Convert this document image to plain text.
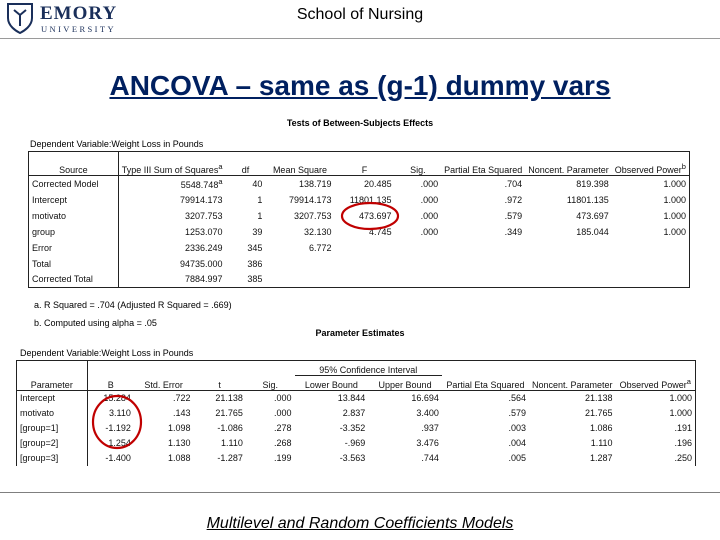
EMORY
UNIVERSITY
School of Nursing
ANCOVA – same as (g-1) dummy vars
Tests of Between-Subjects Effects
Dependent Variable:Weight Loss in Pounds
Source	Type III Sum of Squares$^a$	df	Mean Square	F	Sig.	Partial Eta Squared	Noncent. Parameter	Observed Power$^b$
Corrected Model	5548.748$^a$	40	138.719	20.485	.000	.704	819.398	1.000
Intercept	79914.173	1	79914.173	11801.135	.000	.972	11801.135	1.000
motivato	3207.753	1	3207.753	473.697	.000	.579	473.697	1.000
group	1253.070	39	32.130	4.745	.000	.349	185.044	1.000
Error	2336.249	345	6.772					
Total	94735.000	386						
Corrected Total	7884.997	385						
a. R Squared = .704 (Adjusted R Squared = .669)
b. Computed using alpha = .05
Parameter Estimates
Dependent Variable:Weight Loss in Pounds
					95% Confidence Interval				
Parameter	B	Std. Error	t	Sig.	Lower Bound	Upper Bound	Partial Eta Squared	Noncent. Parameter	Observed Power$^a$
Intercept	15.284	.722	21.138	.000	13.844	16.694	.564	21.138	1.000
motivato	3.110	.143	21.765	.000	2.837	3.400	.579	21.765	1.000
[group=1]	-1.192	1.098	-1.086	.278	-3.352	.937	.003	1.086	.191
[group=2]	1.254	1.130	1.110	.268	-.969	3.476	.004	1.110	.196
[group=3]	-1.400	1.088	-1.287	.199	-3.563	.744	.005	1.287	.250
Multilevel and Random Coefficients Models
